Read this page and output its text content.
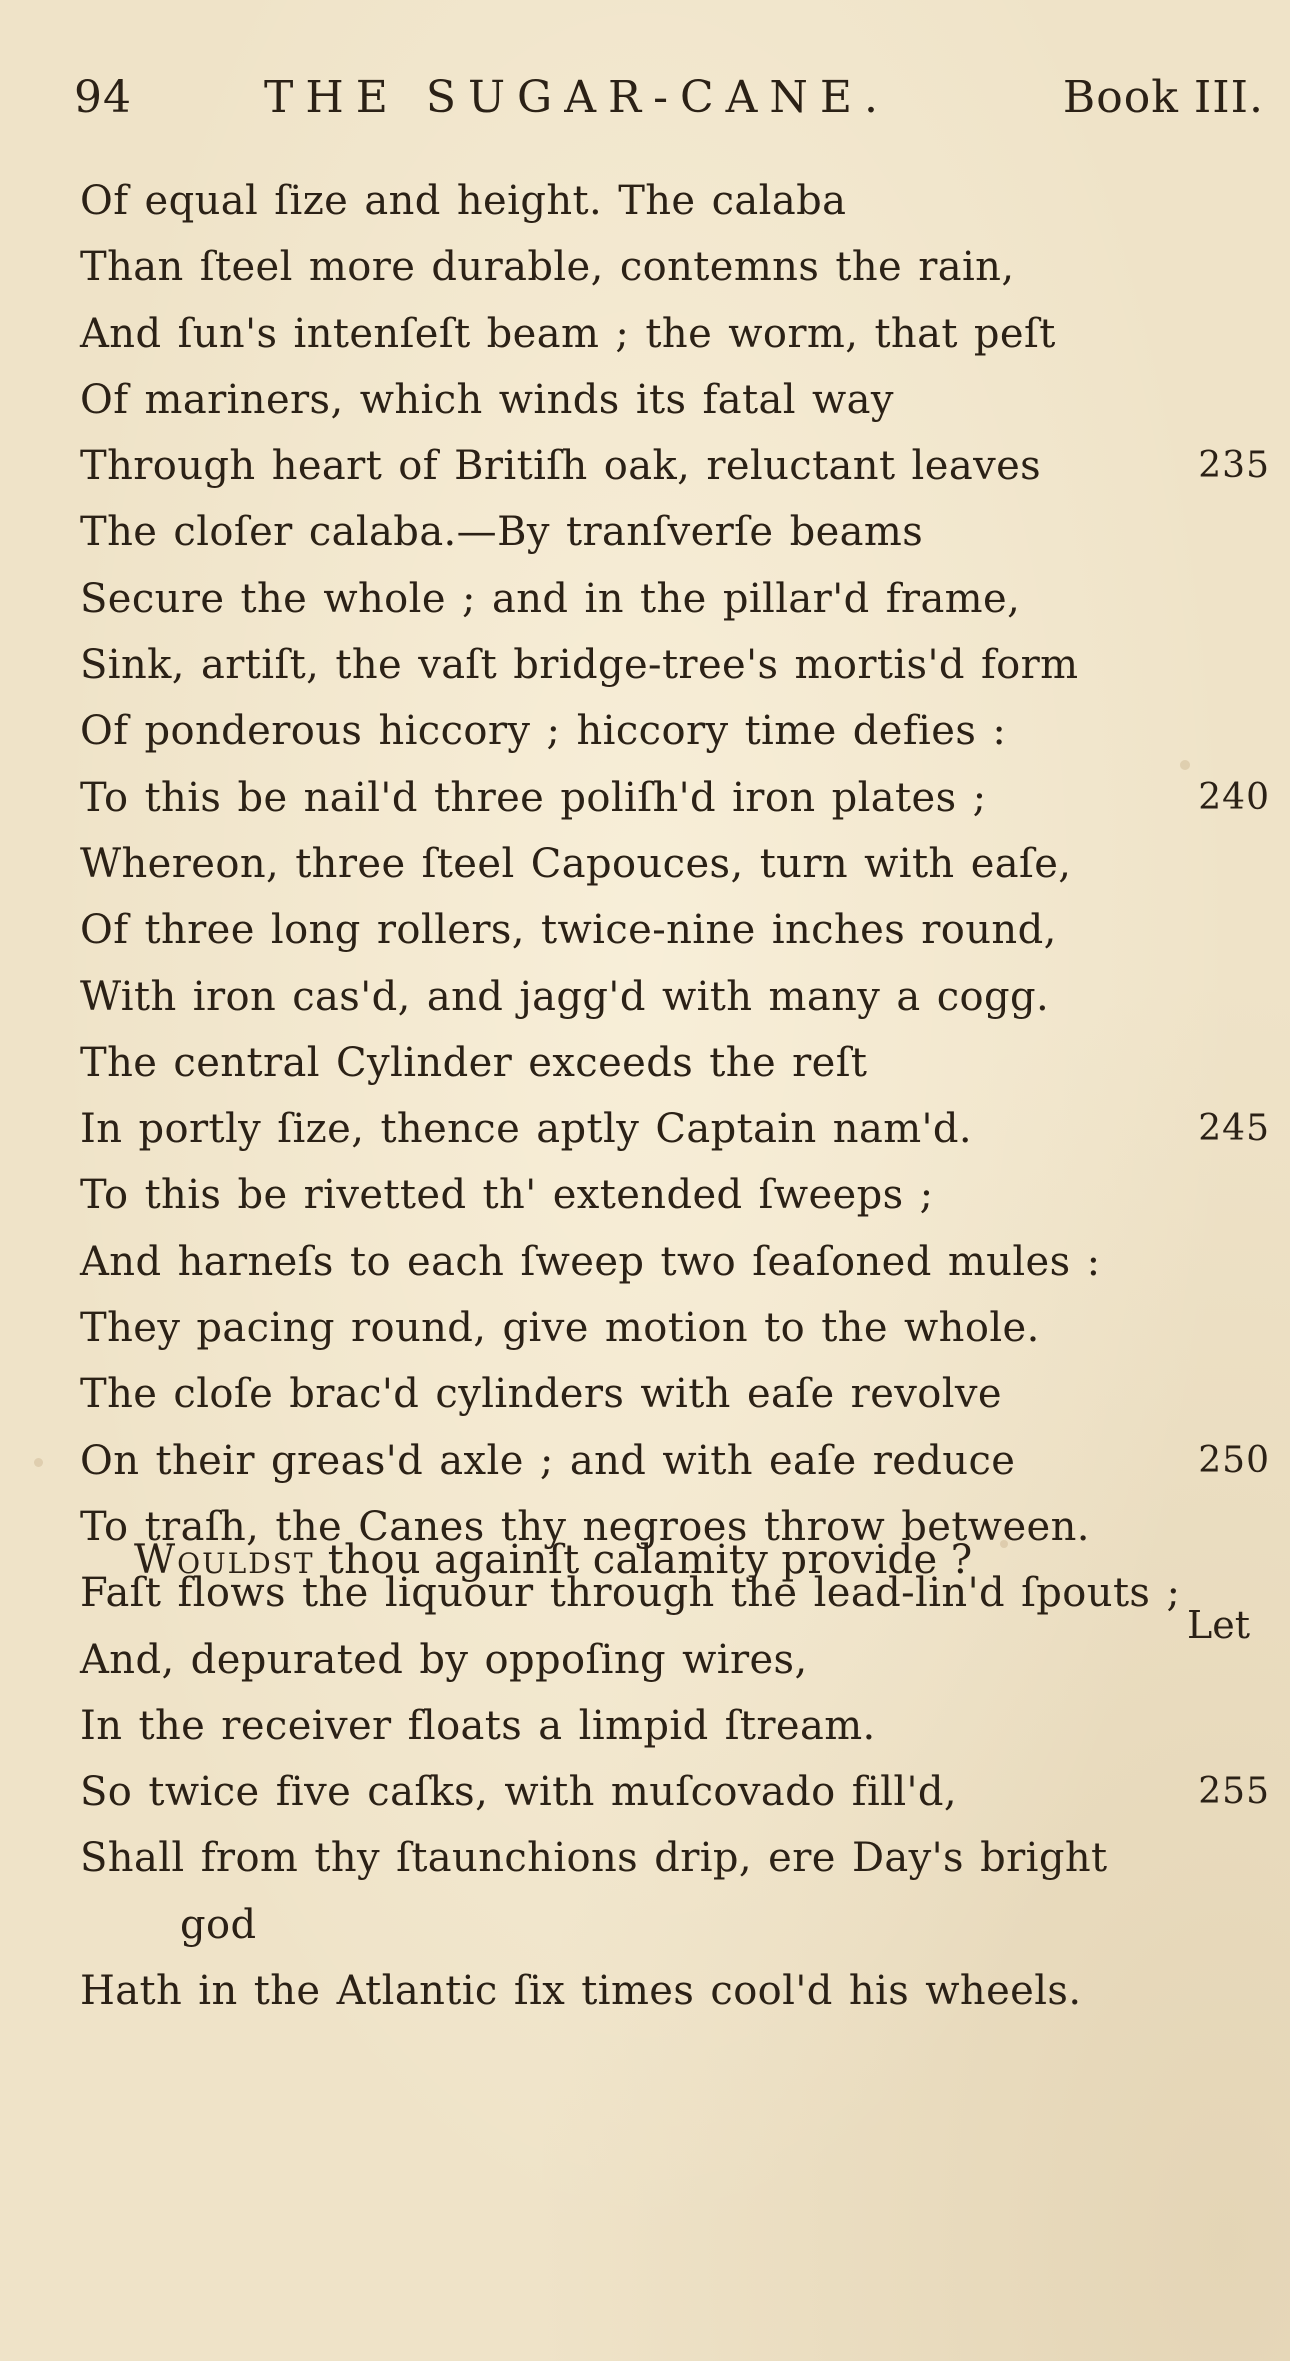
94	THE SUGAR-CANE.	Book III.
Of equal ſize and height. The calaba
Than ſteel more durable, contemns the rain,
And ſun's intenſeſt beam ; the worm, that peſt
Of mariners, which winds its fatal way
Through heart of Britiſh oak, reluctant leaves	235
The cloſer calaba.—By tranſverſe beams
Secure the whole ; and in the pillar'd frame,
Sink, artiſt, the vaſt bridge-tree's mortis'd form
Of ponderous hiccory ; hiccory time defies :
To this be nail'd three poliſh'd iron plates ;	240
Whereon, three ſteel Capouces, turn with eaſe,
Of three long rollers, twice-nine inches round,
With iron cas'd, and jagg'd with many a cogg.
The central Cylinder exceeds the reſt
In portly ſize, thence aptly Captain nam'd.	245
To this be rivetted th' extended ſweeps ;
And harneſs to each ſweep two ſeaſoned mules :
They pacing round, give motion to the whole.
The cloſe brac'd cylinders with eaſe revolve
On their greas'd axle ; and with eaſe reduce	250
To traſh, the Canes thy negroes throw between.
Faſt flows the liquour through the lead-lin'd ſpouts ;
And, depurated by oppoſing wires,
In the receiver floats a limpid ſtream.
So twice five caſks, with muſcovado fill'd,	255
Shall from thy ſtaunchions drip, ere Day's bright
god
Hath in the Atlantic ſix times cool'd his wheels.
Wouldst thou againſt calamity provide ?
Let
